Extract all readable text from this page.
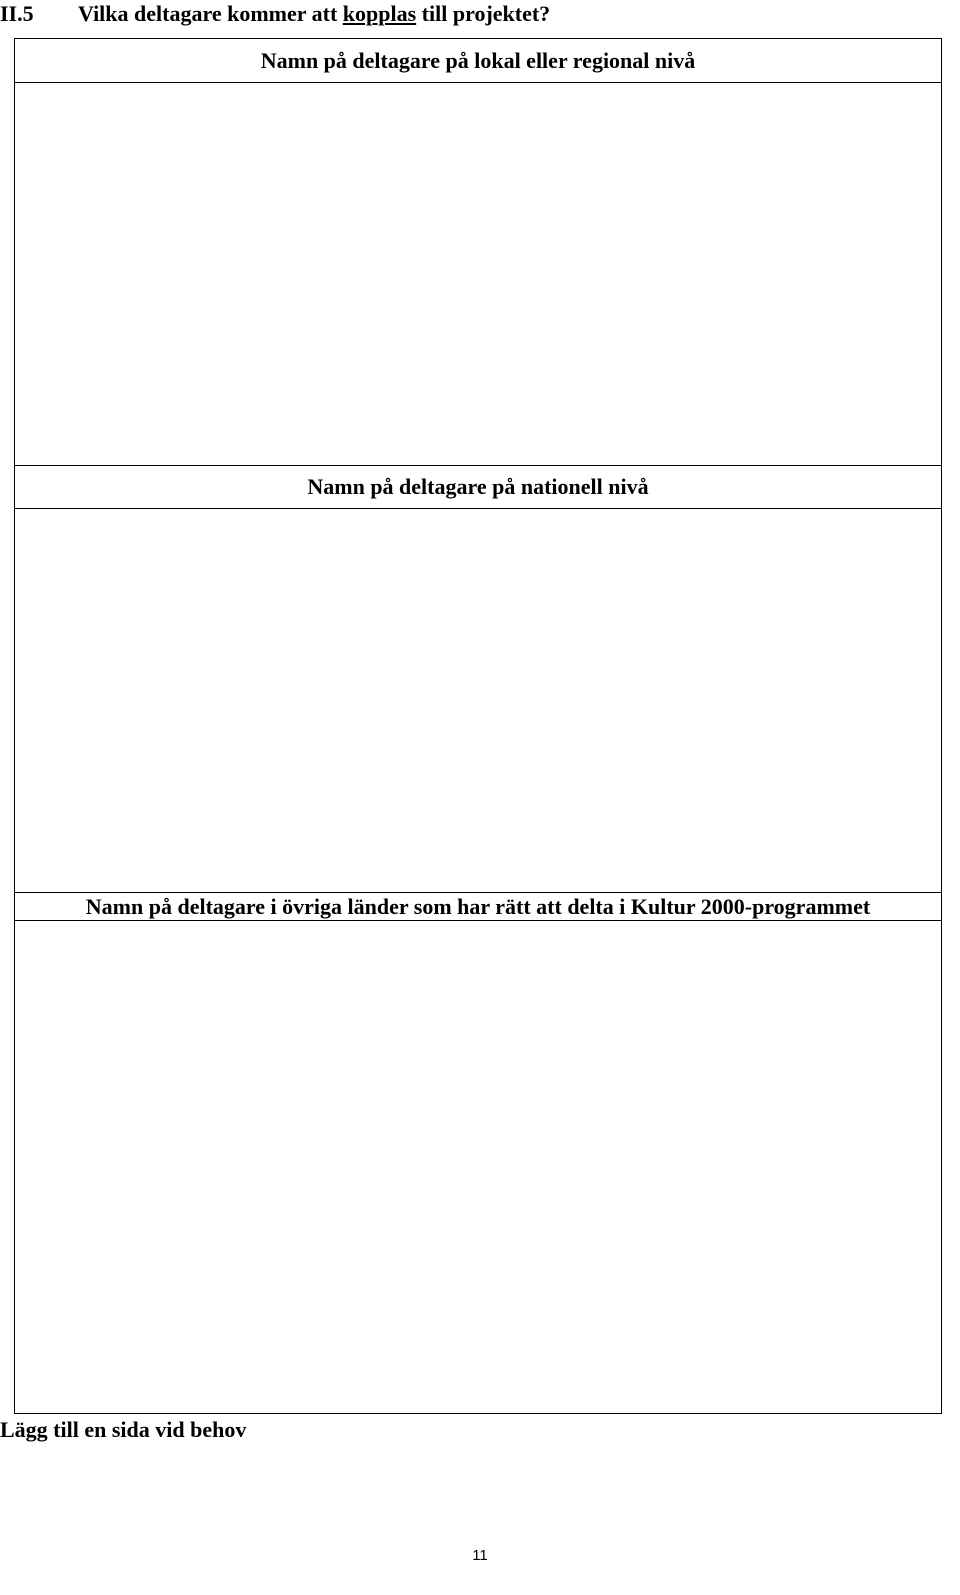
II.5 Vilka deltagare kommer att kopplas till projektet?
Namn på deltagare på lokal eller regional nivå
Namn på deltagare på nationell nivå
Namn på deltagare i övriga länder som har rätt att delta i Kultur 2000-programmet
Lägg till en sida vid behov
11
